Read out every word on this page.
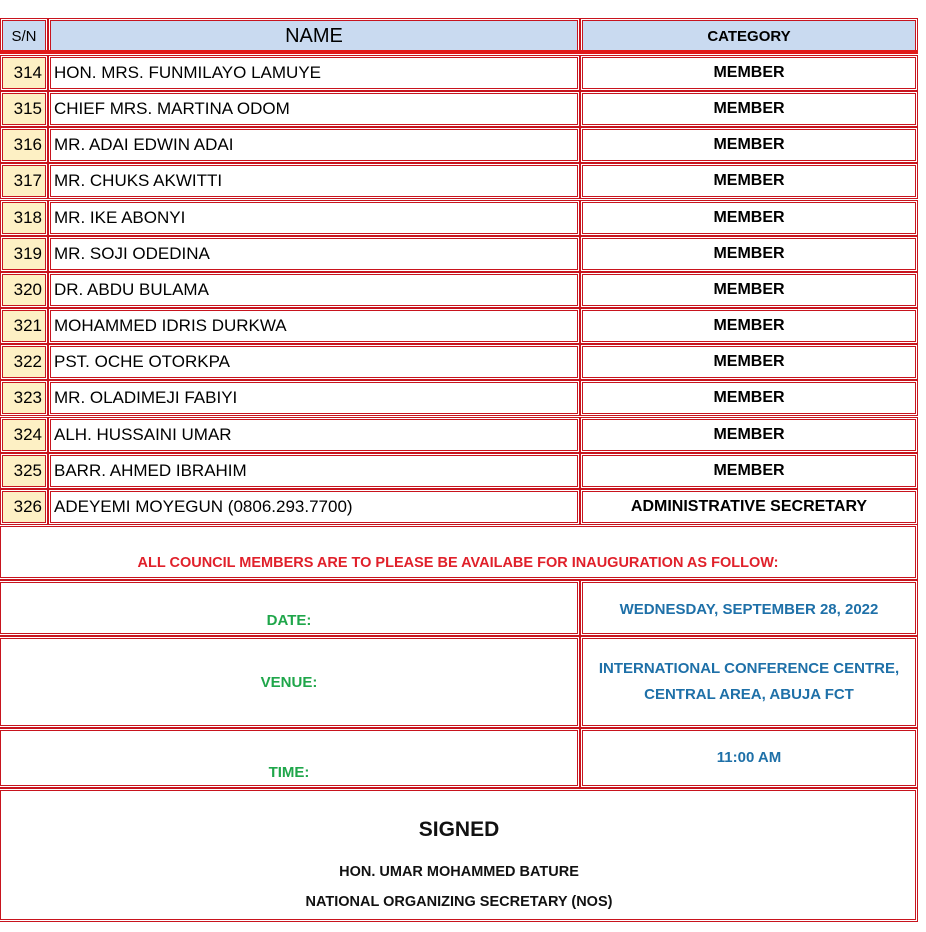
S/N	NAME	CATEGORY
314 HON. MRS. FUNMILAYO LAMUYE	MEMBER
315 CHIEF MRS. MARTINA ODOM	MEMBER
316 MR. ADAI EDWIN ADAI	MEMBER
317 MR. CHUKS AKWITTI	MEMBER
318 MR. IKE ABONYI	MEMBER
319 MR. SOJI ODEDINA	MEMBER
320 DR. ABDU BULAMA	MEMBER
321 MOHAMMED IDRIS DURKWA	MEMBER
322 PST. OCHE OTORKPA	MEMBER
323 MR. OLADIMEJI FABIYI	MEMBER
324 ALH. HUSSAINI UMAR	MEMBER
325 BARR. AHMED IBRAHIM	MEMBER
326 ADEYEMI MOYEGUN (0806.293.7700)	ADMINISTRATIVE SECRETARY
ALL COUNCIL MEMBERS ARE TO PLEASE BE AVAILABE FOR INAUGURATION AS FOLLOW:
DATE:
WEDNESDAY, SEPTEMBER 28, 2022
VENUE:
INTERNATIONAL CONFERENCE CENTRE,
CENTRAL AREA, ABUJA FCT
TIME:
11:00 AM
SIGNED
HON. UMAR MOHAMMED BATURE
NATIONAL ORGANIZING SECRETARY (NOS)
